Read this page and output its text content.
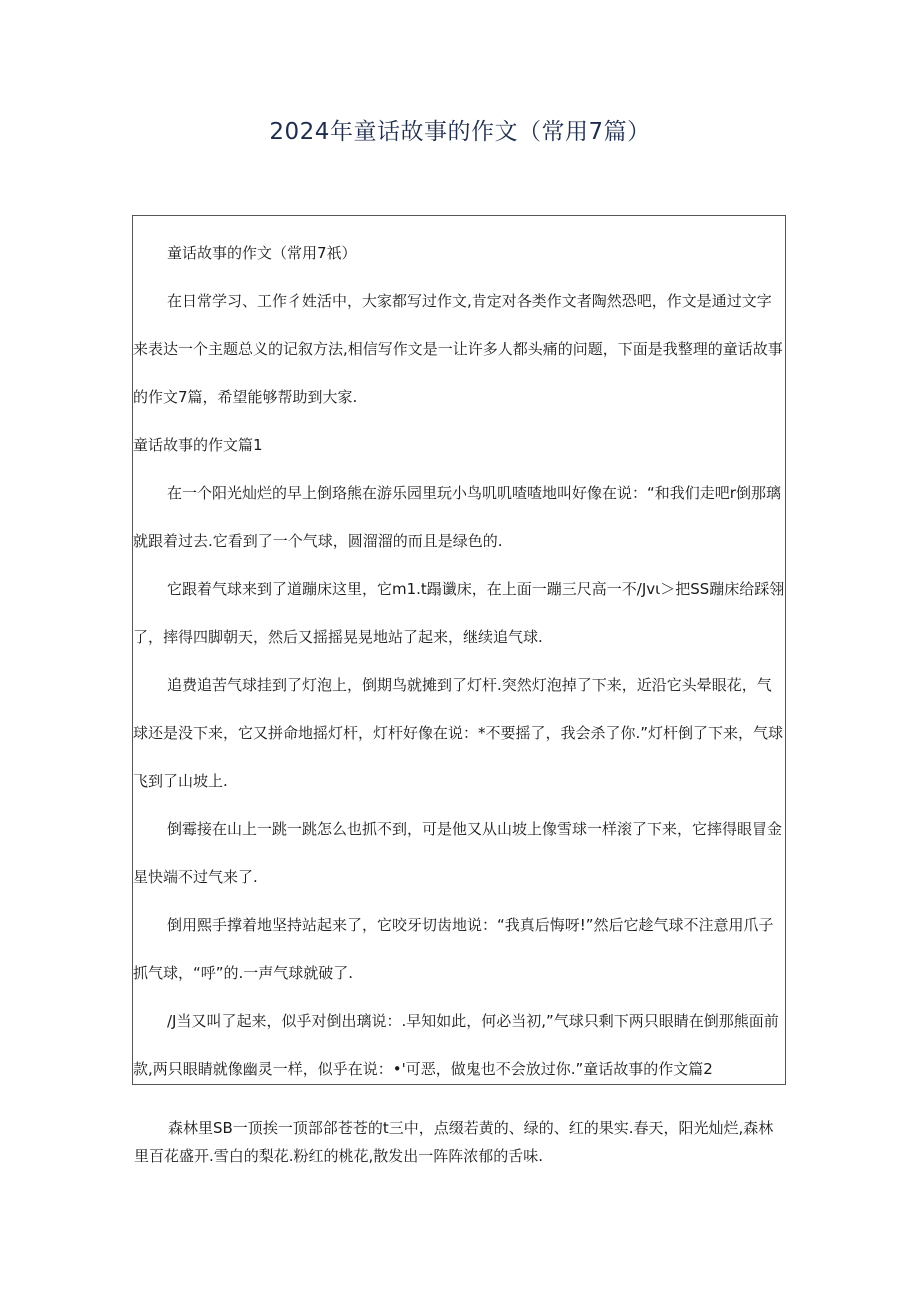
2024年童话故事的作文（常用7篇）

童话故事的作文（常用7祇）

在日常学习、工作彳姓活中，大家都写过作文,肯定对各类作文者陶然恐吧，作文是通过文字来表达一个主题总义的记叙方法,相信写作文是一让许多人都头痛的问题，下面是我整理的童话故事的作文7篇，希望能够帮助到大家.

童话故事的作文篇1

在一个阳光灿烂的早上倒珞熊在游乐园里玩小鸟叽叽喳喳地叫好像在说：“和我们走吧r倒那璃就跟着过去.它看到了一个气球，圆溜溜的而且是绿色的.

它跟着气球来到了道蹦床这里，它m1.t蹋谶床，在上面一蹦三尺高一不/Jvι＞把SS蹦床给踩翎了，摔得四脚朝天，然后又摇摇晃晃地站了起来，继续追气球.

追费追苦气球挂到了灯泡上，倒期鸟就摊到了灯杆.突然灯泡掉了下来，近沿它头晕眼花，气球还是没下来，它又拼命地摇灯杆，灯杆好像在说：*不要摇了，我会杀了你.”灯杆倒了下来，气球飞到了山坡上.

倒霉接在山上一跳一跳怎么也抓不到，可是他又从山坡上像雪球一样滚了下来，它摔得眼冒金星快端不过气来了.

倒用熙手撑着地坚持站起来了，它咬牙切齿地说：“我真后悔呀!”然后它趁气球不注意用爪子抓气球，“呼”的.一声气球就破了.

/J当又叫了起来，似乎对倒出璃说：.早知如此，何必当初,”气球只剩下两只眼睛在倒那熊面前款,两只眼睛就像幽灵一样，似乎在说：•'可恶，做鬼也不会放过你.”童话故事的作文篇2

森林里SB一顶挨一顶部郃苍苍的t三中，点缀若黄的、绿的、红的果实.春天，阳光灿烂,森林里百花盛开.雪白的梨花.粉红的桃花,散发出一阵阵浓郁的舌味.
